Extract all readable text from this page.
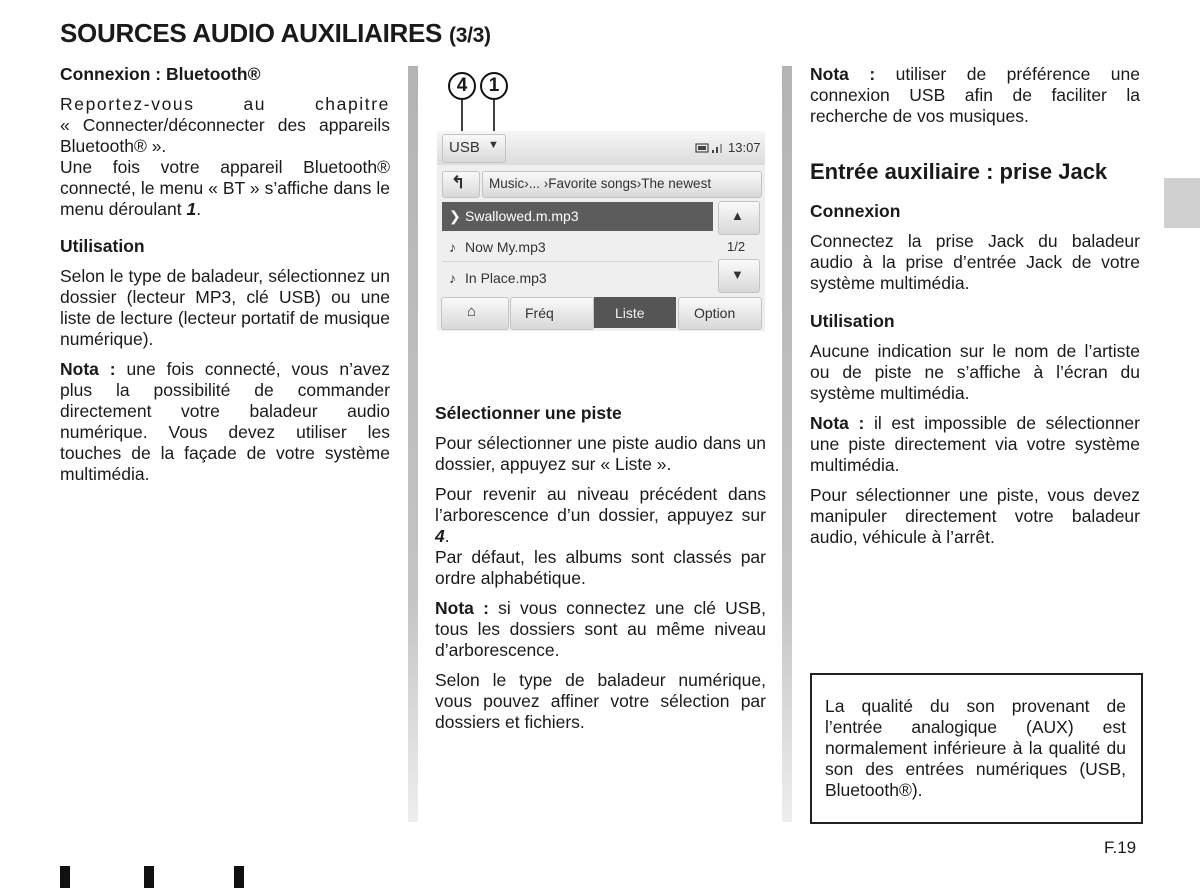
SOURCES AUDIO AUXILIAIRES (3/3)
Connexion : Bluetooth®

Reportez-vous au chapitre

« Connecter/déconnecter des appareils Bluetooth® ».

Une fois votre appareil Bluetooth® connecté, le menu « BT » s’affiche dans le menu déroulant 1.

Utilisation

Selon le type de baladeur, sélectionnez un dossier (lecteur MP3, clé USB) ou une liste de lecture (lecteur portatif de musique numérique).

Nota : une fois connecté, vous n’avez plus la possibilité de commander directement votre baladeur audio numérique. Vous devez utiliser les touches de la façade de votre système multimédia.

4	1
USB ▼	13:07
↰ Music›... ›Favorite songs›The newest
❯ Swallowed.m.mp3
♪ Now My.mp3
♪ In Place.mp3
▲
1/2
▼
⌂	Fréq	Liste	Option
Sélectionner une piste

Pour sélectionner une piste audio dans un dossier, appuyez sur « Liste ».

Pour revenir au niveau précédent dans l’arborescence d’un dossier, appuyez sur 4.

Par défaut, les albums sont classés par ordre alphabétique.

Nota : si vous connectez une clé USB, tous les dossiers sont au même niveau d’arborescence.

Selon le type de baladeur numérique, vous pouvez affiner votre sélection par dossiers et fichiers.

Nota : utiliser de préférence une connexion USB afin de faciliter la recherche de vos musiques.

Entrée auxiliaire : prise Jack
Connexion

Connectez la prise Jack du baladeur audio à la prise d’entrée Jack de votre système multimédia.

Utilisation

Aucune indication sur le nom de l’artiste ou de piste ne s’affiche à l’écran du système multimédia.

Nota : il est impossible de sélectionner une piste directement via votre système multimédia.

Pour sélectionner une piste, vous devez manipuler directement votre baladeur audio, véhicule à l’arrêt.

La qualité du son provenant de l’entrée analogique (AUX) est normalement inférieure à la qualité du son des entrées numériques (USB, Bluetooth®).
F.19
